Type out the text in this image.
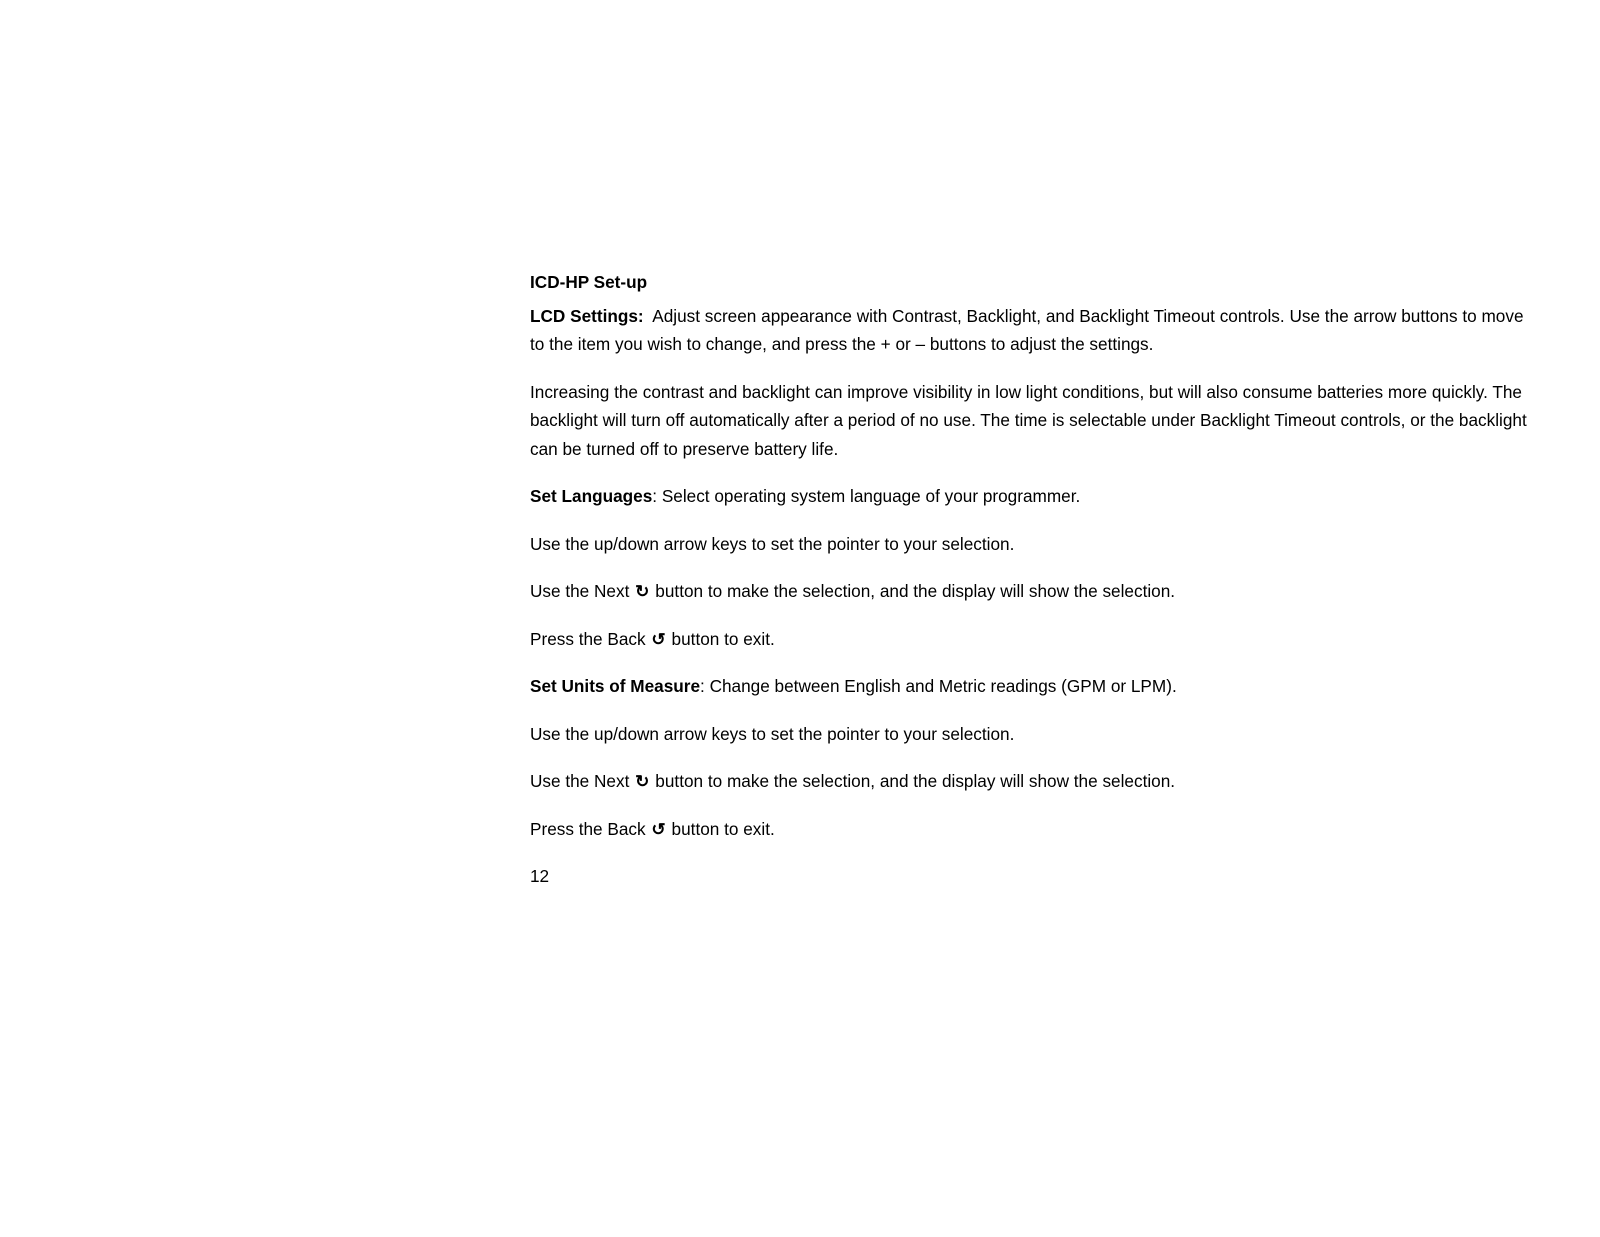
ICD-HP Set-up

LCD Settings:  Adjust screen appearance with Contrast, Backlight, and Backlight Timeout controls. Use the arrow buttons to move to the item you wish to change, and press the + or – buttons to adjust the settings.

Increasing the contrast and backlight can improve visibility in low light conditions, but will also consume batteries more quickly. The backlight will turn off automatically after a period of no use. The time is selectable under Backlight Timeout controls, or the backlight can be turned off to preserve battery life.

Set Languages: Select operating system language of your programmer.

Use the up/down arrow keys to set the pointer to your selection.

Use the Next ↻ button to make the selection, and the display will show the selection.

Press the Back ↺ button to exit.

Set Units of Measure: Change between English and Metric readings (GPM or LPM).

Use the up/down arrow keys to set the pointer to your selection.

Use the Next ↻ button to make the selection, and the display will show the selection.

Press the Back ↺ button to exit.

12
